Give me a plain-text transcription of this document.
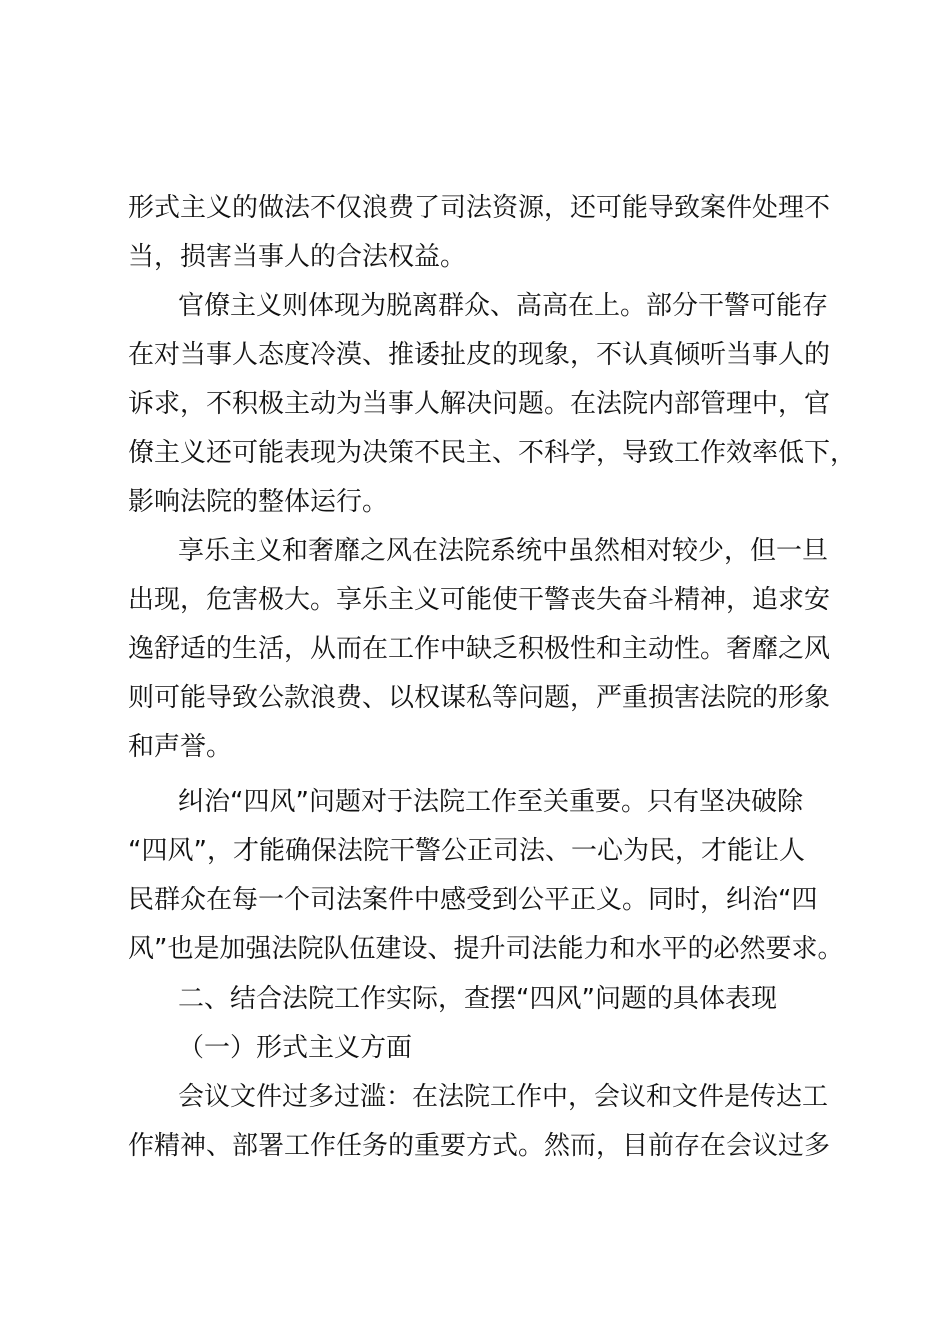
形式主义的做法不仅浪费了司法资源，还可能导致案件处理不
当，损害当事人的合法权益。
官僚主义则体现为脱离群众、高高在上。部分干警可能存
在对当事人态度冷漠、推诿扯皮的现象，不认真倾听当事人的
诉求，不积极主动为当事人解决问题。在法院内部管理中，官
僚主义还可能表现为决策不民主、不科学，导致工作效率低下，
影响法院的整体运行。
享乐主义和奢靡之风在法院系统中虽然相对较少，但一旦
出现，危害极大。享乐主义可能使干警丧失奋斗精神，追求安
逸舒适的生活，从而在工作中缺乏积极性和主动性。奢靡之风
则可能导致公款浪费、以权谋私等问题，严重损害法院的形象
和声誉。
纠治“四风”问题对于法院工作至关重要。只有坚决破除
“四风”，才能确保法院干警公正司法、一心为民，才能让人
民群众在每一个司法案件中感受到公平正义。同时，纠治“四
风”也是加强法院队伍建设、提升司法能力和水平的必然要求。
二、结合法院工作实际，查摆“四风”问题的具体表现
（一）形式主义方面
会议文件过多过滥：在法院工作中，会议和文件是传达工
作精神、部署工作任务的重要方式。然而，目前存在会议过多
